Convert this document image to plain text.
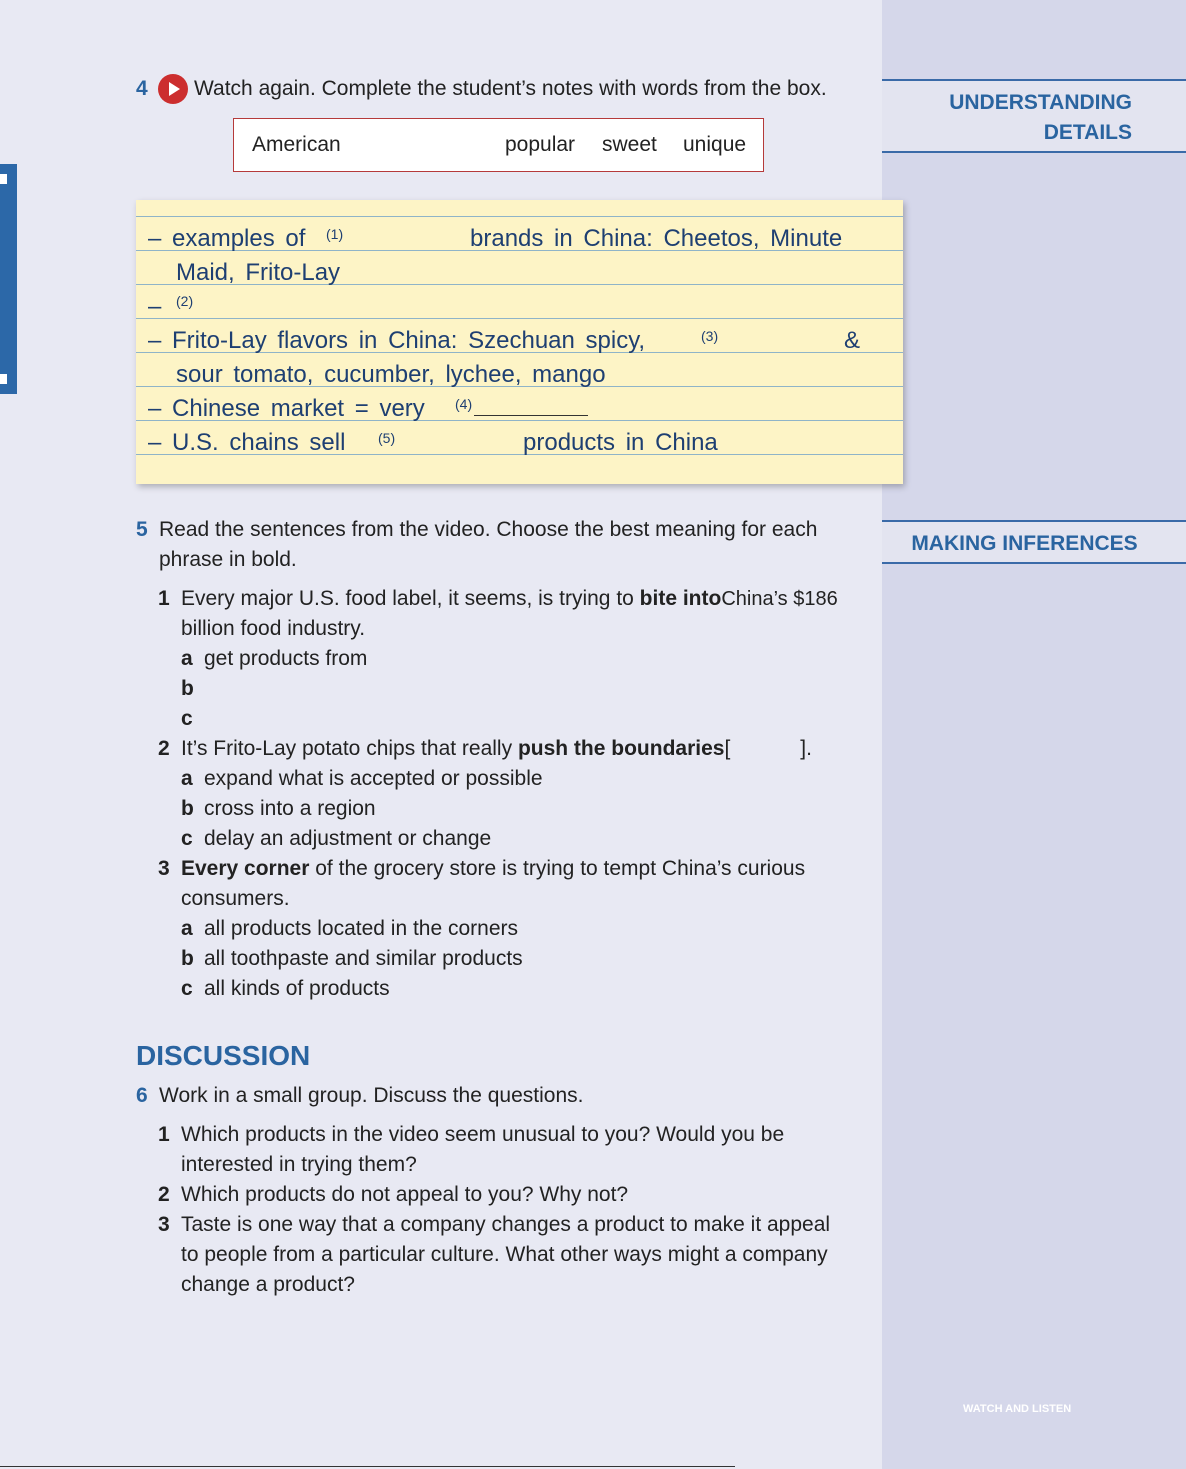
UNDERSTANDING
DETAILS
MAKING INFERENCES
WATCH AND LISTEN
4 Watch again. Complete the student’s notes with words from the box.
American	popular sweet unique
– examples of (1)	brands in China: Cheetos, Minute
Maid, Frito-Lay
– (2)
– Frito-Lay flavors in China: Szechuan spicy,	(3)	&
sour tomato, cucumber, lychee, mango
– Chinese market = very (4)
– U.S. chains sell (5)	products in China
5 Read the sentences from the video. Choose the best meaning for each
phrase in bold.
1 Every major U.S. food label, it seems, is trying to bite intoChina’s $186
billion food industry.
a get products from
b
c
2 It’s Frito-Lay potato chips that really push the boundaries[            ].
a expand what is accepted or possible
b cross into a region
c delay an adjustment or change
3 Every corner of the grocery store is trying to tempt China’s curious
consumers.
a all products located in the corners
b all toothpaste and similar products
c all kinds of products
DISCUSSION
6 Work in a small group. Discuss the questions.
1 Which products in the video seem unusual to you? Would you be
interested in trying them?
2 Which products do not appeal to you? Why not?
3 Taste is one way that a company changes a product to make it appeal
to people from a particular culture. What other ways might a company
change a product?
